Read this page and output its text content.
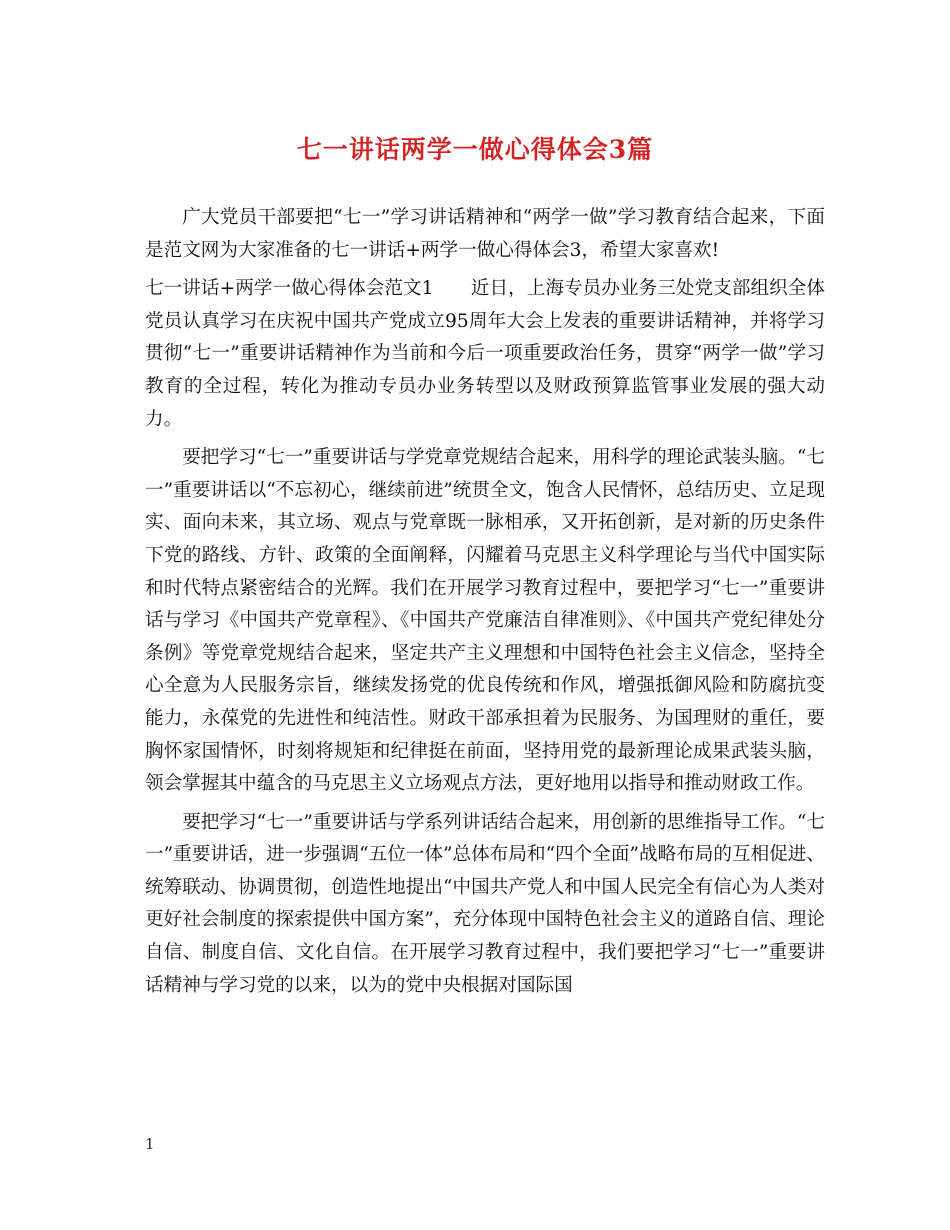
七一讲话两学一做心得体会3篇

广大党员干部要把“七一”学习讲话精神和“两学一做”学习教育结合起来，下面是范文网为大家准备的七一讲话+两学一做心得体会3，希望大家喜欢!

七一讲话+两学一做心得体会范文1　　近日，上海专员办业务三处党支部组织全体党员认真学习在庆祝中国共产党成立95周年大会上发表的重要讲话精神，并将学习贯彻“七一”重要讲话精神作为当前和今后一项重要政治任务，贯穿“两学一做”学习教育的全过程，转化为推动专员办业务转型以及财政预算监管事业发展的强大动力。

要把学习“七一”重要讲话与学党章党规结合起来，用科学的理论武装头脑。“七一”重要讲话以“不忘初心，继续前进”统贯全文，饱含人民情怀，总结历史、立足现实、面向未来，其立场、观点与党章既一脉相承，又开拓创新，是对新的历史条件下党的路线、方针、政策的全面阐释，闪耀着马克思主义科学理论与当代中国实际和时代特点紧密结合的光辉。我们在开展学习教育过程中，要把学习“七一”重要讲话与学习《中国共产党章程》、《中国共产党廉洁自律准则》、《中国共产党纪律处分条例》等党章党规结合起来，坚定共产主义理想和中国特色社会主义信念，坚持全心全意为人民服务宗旨，继续发扬党的优良传统和作风，增强抵御风险和防腐抗变能力，永葆党的先进性和纯洁性。财政干部承担着为民服务、为国理财的重任，要胸怀家国情怀，时刻将规矩和纪律挺在前面，坚持用党的最新理论成果武装头脑，领会掌握其中蕴含的马克思主义立场观点方法，更好地用以指导和推动财政工作。

要把学习“七一”重要讲话与学系列讲话结合起来，用创新的思维指导工作。“七一”重要讲话，进一步强调“五位一体”总体布局和“四个全面”战略布局的互相促进、统筹联动、协调贯彻，创造性地提出“中国共产党人和中国人民完全有信心为人类对更好社会制度的探索提供中国方案”，充分体现中国特色社会主义的道路自信、理论自信、制度自信、文化自信。在开展学习教育过程中，我们要把学习“七一”重要讲话精神与学习党的以来，以为的党中央根据对国际国

1
